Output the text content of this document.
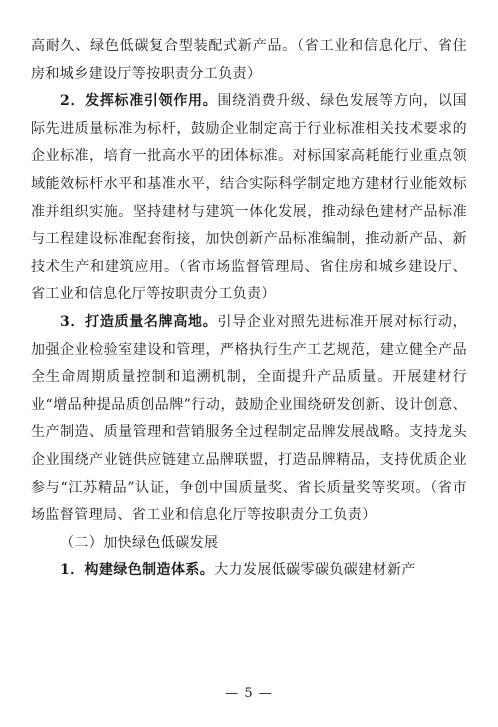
高耐久、绿色低碳复合型装配式新产品。（省工业和信息化厅、省住房和城乡建设厅等按职责分工负责）

2．发挥标准引领作用。围绕消费升级、绿色发展等方向，以国际先进质量标准为标杆，鼓励企业制定高于行业标准相关技术要求的企业标准，培育一批高水平的团体标准。对标国家高耗能行业重点领域能效标杆水平和基准水平，结合实际科学制定地方建材行业能效标准并组织实施。坚持建材与建筑一体化发展，推动绿色建材产品标准与工程建设标准配套衔接，加快创新产品标准编制，推动新产品、新技术生产和建筑应用。（省市场监督管理局、省住房和城乡建设厅、省工业和信息化厅等按职责分工负责）

3．打造质量名牌高地。引导企业对照先进标准开展对标行动，加强企业检验室建设和管理，严格执行生产工艺规范，建立健全产品全生命周期质量控制和追溯机制，全面提升产品质量。开展建材行业“增品种提品质创品牌”行动，鼓励企业围绕研发创新、设计创意、生产制造、质量管理和营销服务全过程制定品牌发展战略。支持龙头企业围绕产业链供应链建立品牌联盟，打造品牌精品，支持优质企业参与“江苏精品”认证，争创中国质量奖、省长质量奖等奖项。（省市场监督管理局、省工业和信息化厅等按职责分工负责）

（二）加快绿色低碳发展

1．构建绿色制造体系。大力发展低碳零碳负碳建材新产

— 5 —
